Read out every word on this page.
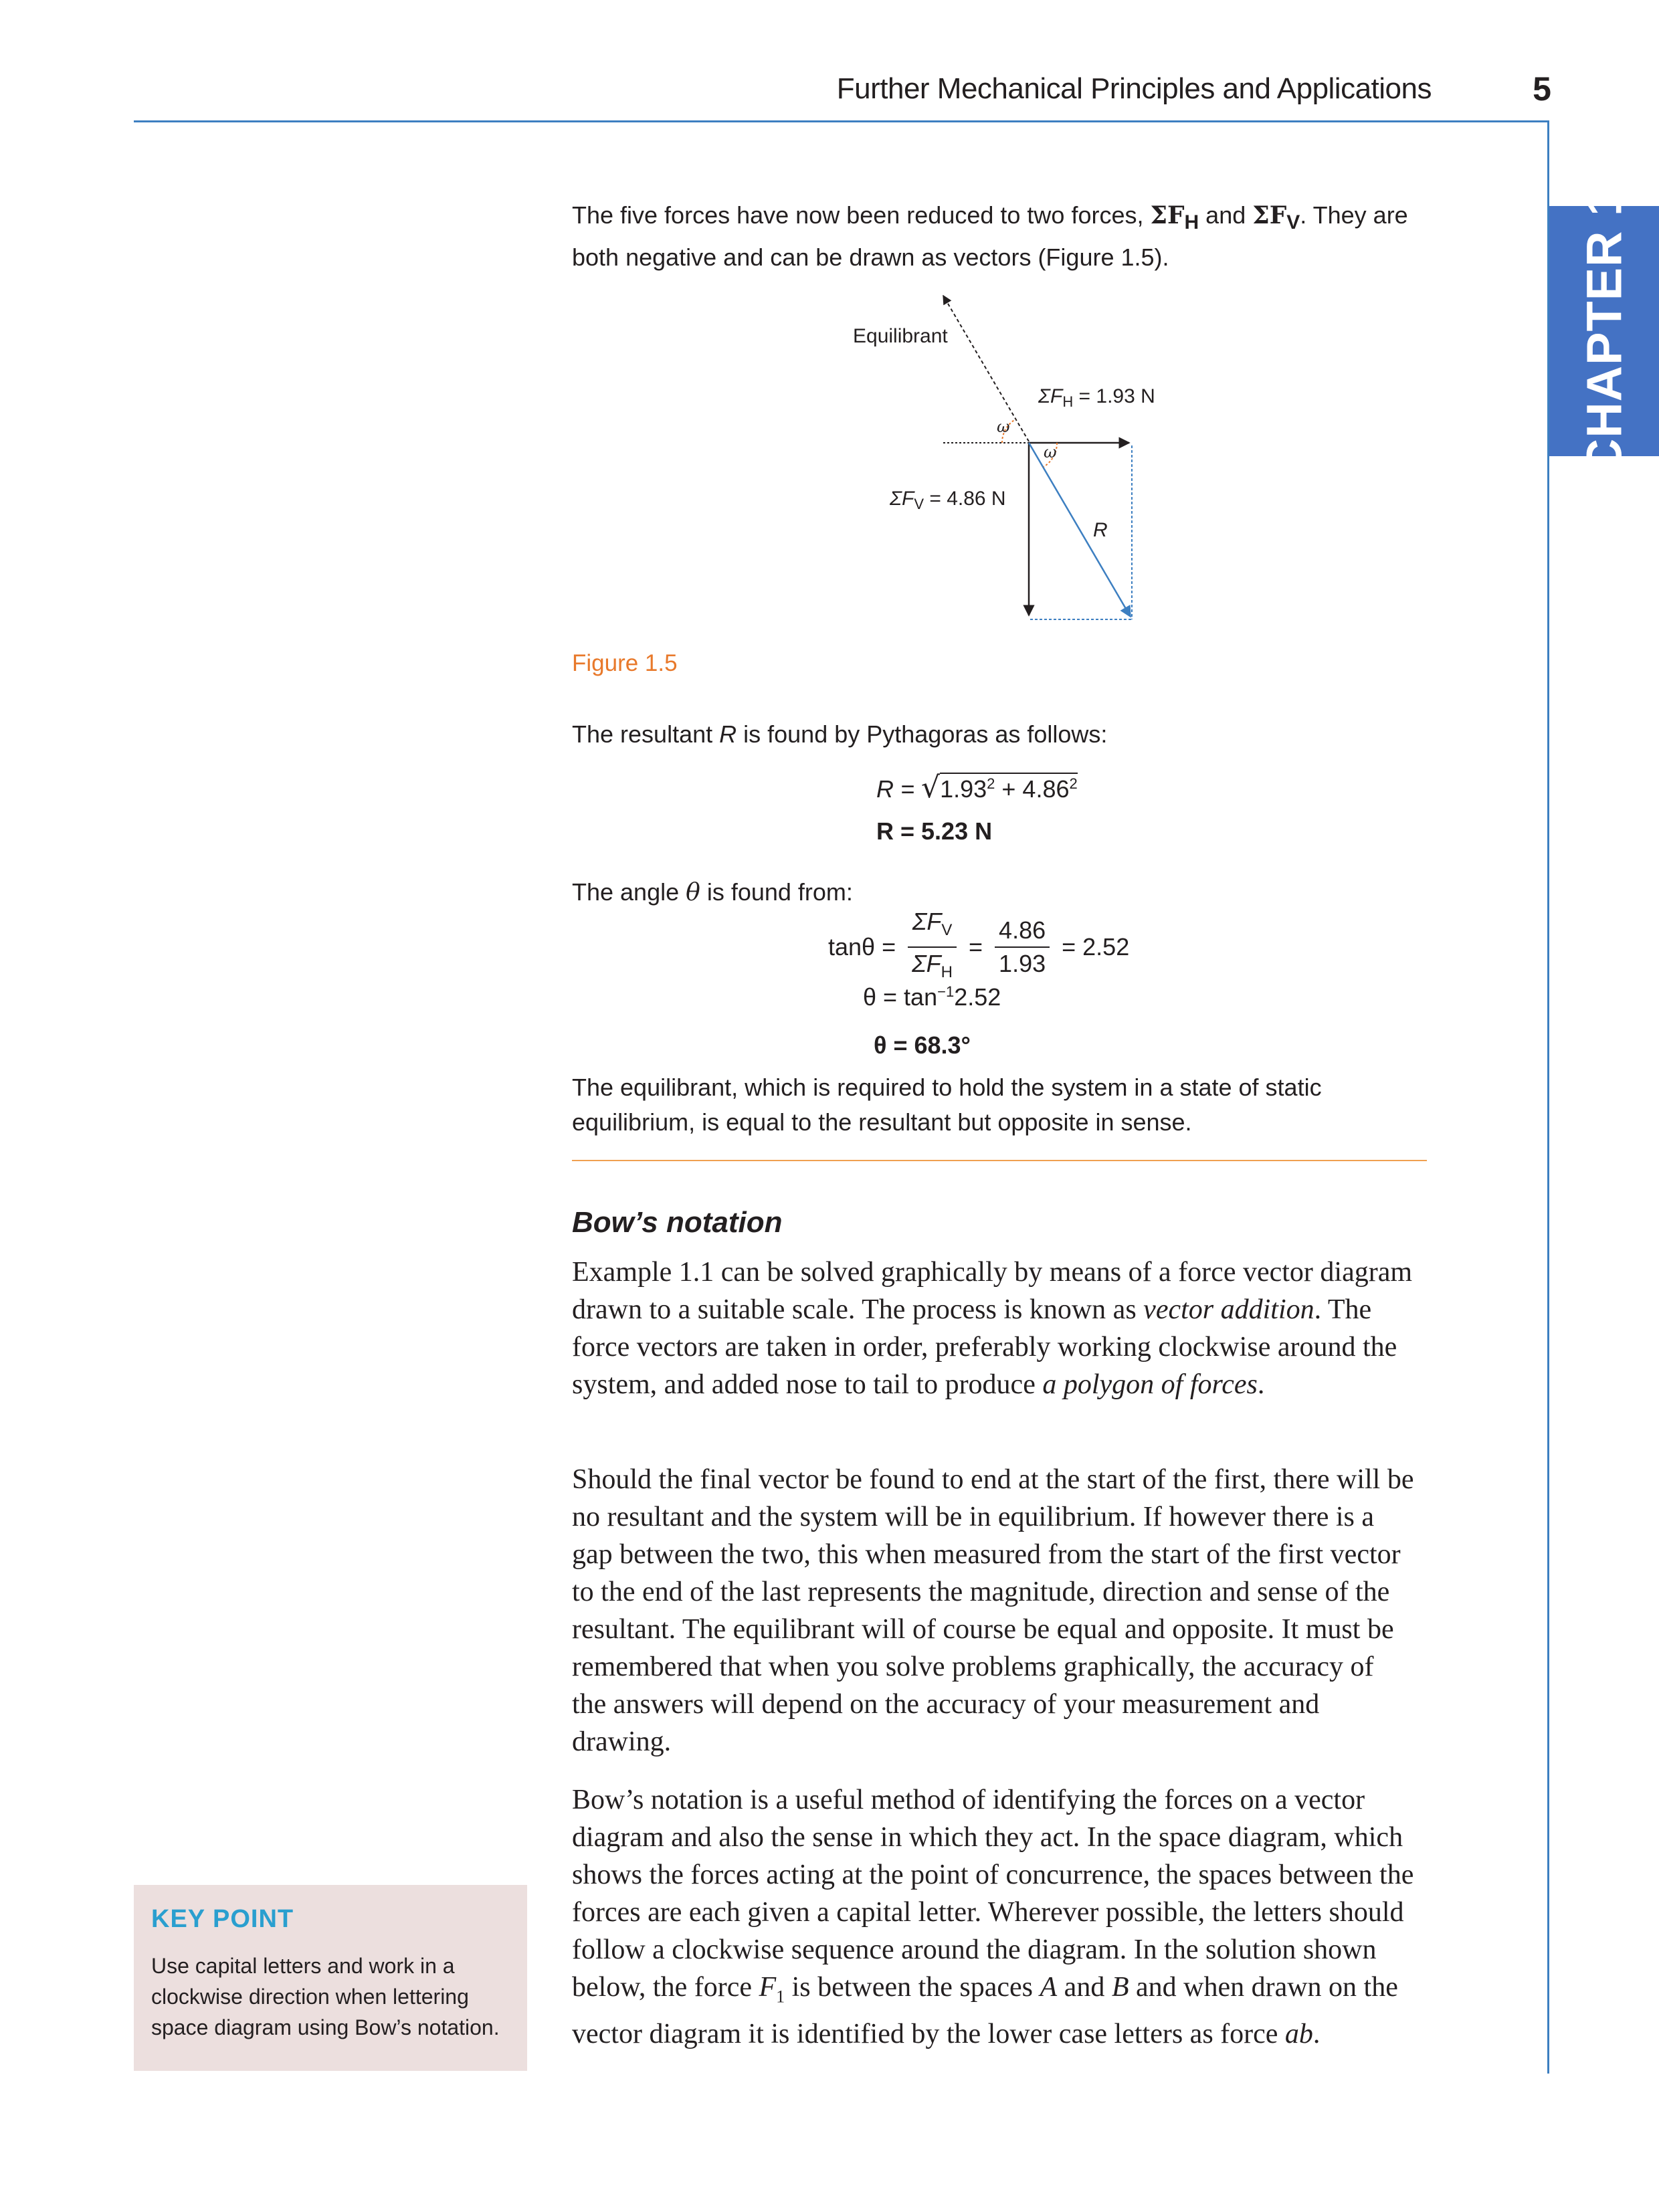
Further Mechanical Principles and Applications	5
CHAPTER 1
The five forces have now been reduced to two forces, $\Sigma F_H$ and $\Sigma F_V$. They are both negative and can be drawn as vectors (Figure 1.5).
Equilibrant
$\Sigma F_H = 1.93$ N
$\Sigma F_V = 4.86$ N
ω
ω
R
Figure 1.5
The resultant R is found by Pythagoras as follows:
$R = √1.93^2 + 4.86^2$
R = 5.23 N
The angle θ is found from:
$\tan\theta = \frac{\Sigma F_V}{\Sigma F_H} = \frac{4.86}{1.93} = 2.52$
$\theta = \tan^{-1}2.52$
θ = 68.3°
The equilibrant, which is required to hold the system in a state of static equilibrium, is equal to the resultant but opposite in sense.
Bow’s notation

Example 1.1 can be solved graphically by means of a force vector diagram drawn to a suitable scale. The process is known as vector addition. The force vectors are taken in order, preferably working clockwise around the system, and added nose to tail to produce a polygon of forces.

Should the final vector be found to end at the start of the first, there will be no resultant and the system will be in equilibrium. If however there is a gap between the two, this when measured from the start of the first vector to the end of the last represents the magnitude, direction and sense of the resultant. The equilibrant will of course be equal and opposite. It must be remembered that when you solve problems graphically, the accuracy of the answers will depend on the accuracy of your measurement and drawing.

Bow’s notation is a useful method of identifying the forces on a vector diagram and also the sense in which they act. In the space diagram, which shows the forces acting at the point of concurrence, the spaces between the forces are each given a capital letter. Wherever possible, the letters should follow a clockwise sequence around the diagram. In the solution shown below, the force $F_1$ is between the spaces A and B and when drawn on the vector diagram it is identified by the lower case letters as force ab.

KEY POINT
Use capital letters and work in a clockwise direction when lettering space diagram using Bow’s notation.
